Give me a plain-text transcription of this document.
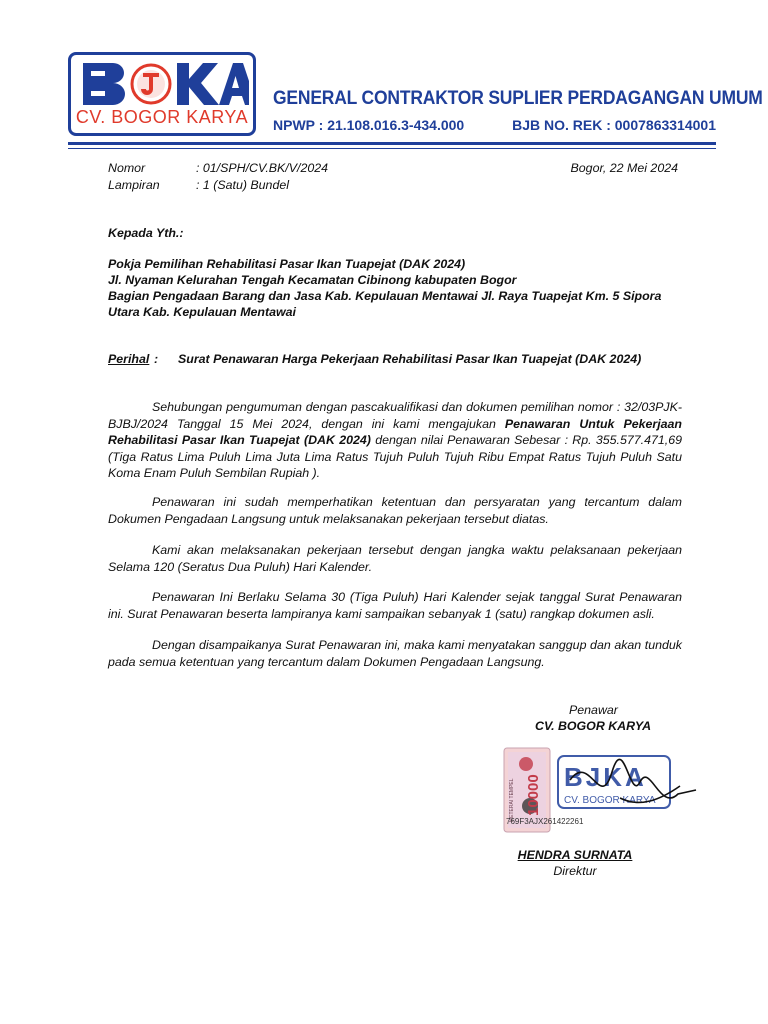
CV. BOGOR KARYA
GENERAL CONTRAKTOR SUPLIER PERDAGANGAN UMUM
NPWP : 21.108.016.3-434.000	BJB NO. REK : 0007863314001
Nomor	: 01/SPH/CV.BK/V/2024
Lampiran	: 1 (Satu) Bundel
Bogor, 22 Mei 2024
Kepada Yth.:
Pokja Pemilihan Rehabilitasi Pasar Ikan Tuapejat (DAK 2024)
Jl. Nyaman Kelurahan Tengah Kecamatan Cibinong kabupaten Bogor
Bagian Pengadaan Barang dan Jasa Kab. Kepulauan Mentawai Jl. Raya Tuapejat Km. 5 Sipora
Utara Kab. Kepulauan Mentawai
Perihal : Surat Penawaran Harga Pekerjaan Rehabilitasi Pasar Ikan Tuapejat (DAK 2024)

Sehubungan pengumuman dengan pascakualifikasi dan dokumen pemilihan nomor : 32/03PJK-BJBJ/2024 Tanggal 15 Mei 2024, dengan ini kami mengajukan Penawaran Untuk Pekerjaan Rehabilitasi Pasar Ikan Tuapejat (DAK 2024) dengan nilai Penawaran Sebesar : Rp. 355.577.471,69 (Tiga Ratus Lima Puluh Lima Juta Lima Ratus Tujuh Puluh Tujuh Ribu Empat Ratus Tujuh Puluh Satu Koma Enam Puluh Sembilan Rupiah ).

Penawaran ini sudah memperhatikan ketentuan dan persyaratan yang tercantum dalam Dokumen Pengadaan Langsung untuk melaksanakan pekerjaan tersebut diatas.

Kami akan melaksanakan pekerjaan tersebut dengan jangka waktu pelaksanaan pekerjaan Selama 120 (Seratus Dua Puluh) Hari Kalender.

Penawaran Ini Berlaku Selama 30 (Tiga Puluh) Hari Kalender sejak tanggal Surat Penawaran ini. Surat Penawaran beserta lampiranya kami sampaikan sebanyak 1 (satu) rangkap dokumen asli.

Dengan disampaikanya Surat Penawaran ini, maka kami menyatakan sanggup dan akan tunduk pada semua ketentuan yang tercantum dalam Dokumen Pengadaan Langsung.

Penawar
CV. BOGOR KARYA
10000
METERAI TEMPEL
BJKA
CV. BOGOR KARYA
769F3AJX261422261
HENDRA SURNATA
Direktur
